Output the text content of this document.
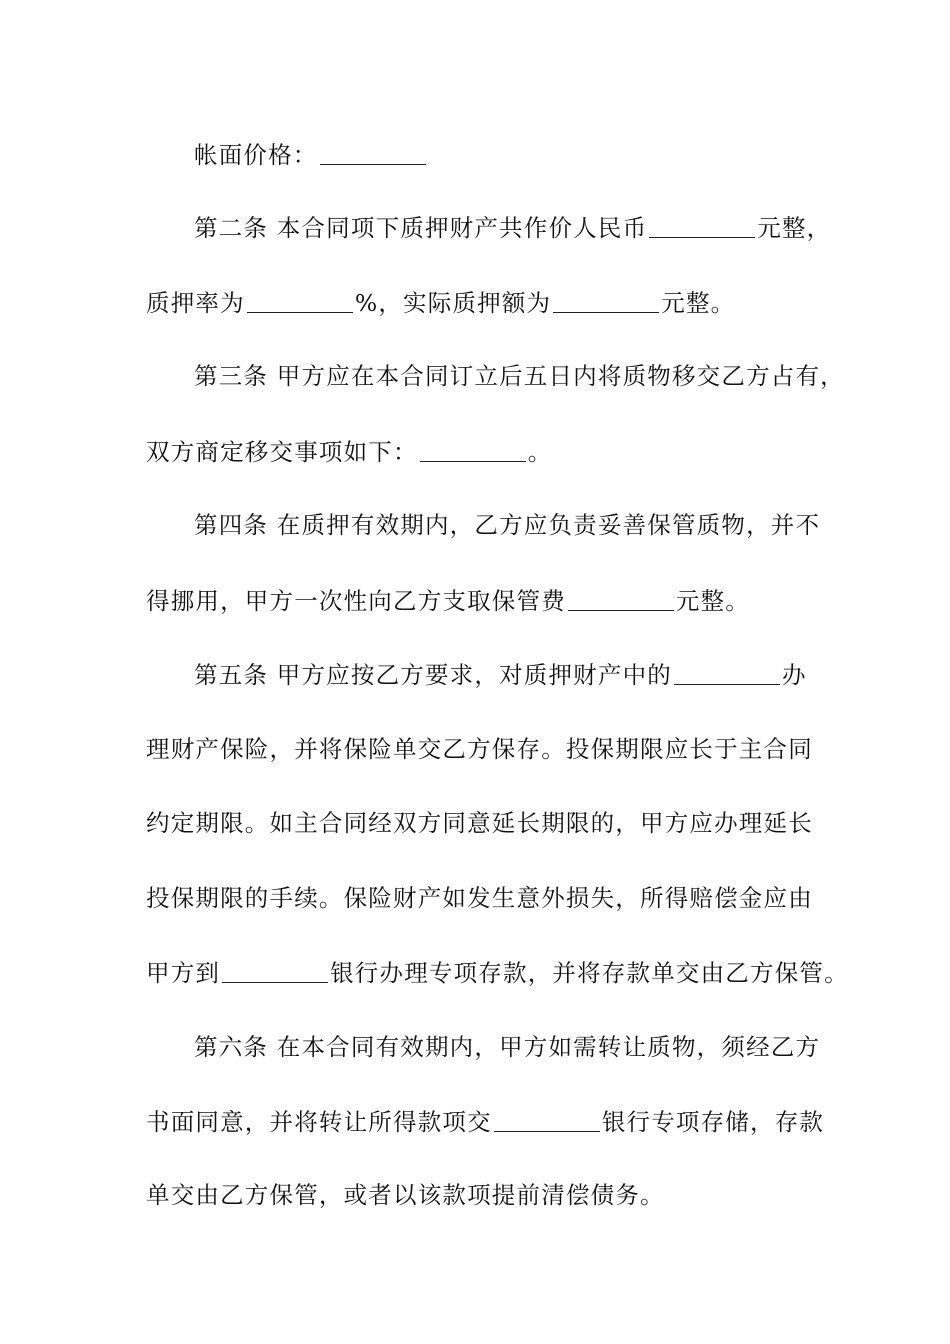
帐面价格：
第二条 本合同项下质押财产共作价人民币	元整，
质押率为	%，实际质押额为	元整。
第三条 甲方应在本合同订立后五日内将质物移交乙方占有，
双方商定移交事项如下：	。
第四条 在质押有效期内，乙方应负责妥善保管质物，并不
得挪用，甲方一次性向乙方支取保管费	元整。
第五条 甲方应按乙方要求，对质押财产中的	办
理财产保险，并将保险单交乙方保存。投保期限应长于主合同
约定期限。如主合同经双方同意延长期限的，甲方应办理延长
投保期限的手续。保险财产如发生意外损失，所得赔偿金应由
甲方到	银行办理专项存款，并将存款单交由乙方保管。
第六条 在本合同有效期内，甲方如需转让质物，须经乙方
书面同意，并将转让所得款项交	银行专项存储，存款
单交由乙方保管，或者以该款项提前清偿债务。
